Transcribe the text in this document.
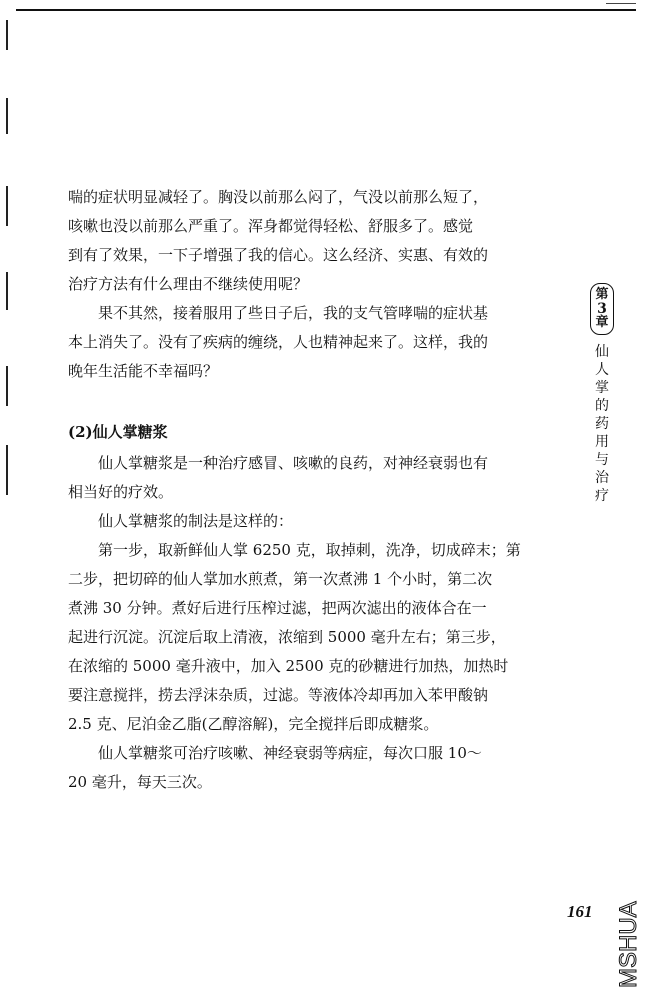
喘的症状明显减轻了。胸没以前那么闷了，气没以前那么短了，
咳嗽也没以前那么严重了。浑身都觉得轻松、舒服多了。感觉
到有了效果，一下子增强了我的信心。这么经济、实惠、有效的
治疗方法有什么理由不继续使用呢？
果不其然，接着服用了些日子后，我的支气管哮喘的症状基
本上消失了。没有了疾病的缠绕，人也精神起来了。这样，我的
晚年生活能不幸福吗？
(2)仙人掌糖浆
仙人掌糖浆是一种治疗感冒、咳嗽的良药，对神经衰弱也有
相当好的疗效。
仙人掌糖浆的制法是这样的：
第一步，取新鲜仙人掌 6250 克，取掉刺，洗净，切成碎末；第
二步，把切碎的仙人掌加水煎煮，第一次煮沸 1 个小时，第二次
煮沸 30 分钟。煮好后进行压榨过滤，把两次滤出的液体合在一
起进行沉淀。沉淀后取上清液，浓缩到 5000 毫升左右；第三步，
在浓缩的 5000 毫升液中，加入 2500 克的砂糖进行加热，加热时
要注意搅拌，捞去浮沫杂质，过滤。等液体冷却再加入苯甲酸钠
2.5 克、尼泊金乙脂(乙醇溶解)，完全搅拌后即成糖浆。
仙人掌糖浆可治疗咳嗽、神经衰弱等病症，每次口服 10～
20 毫升，每天三次。
第
3
章
仙人掌的药用与治疗
161 MSHUA
